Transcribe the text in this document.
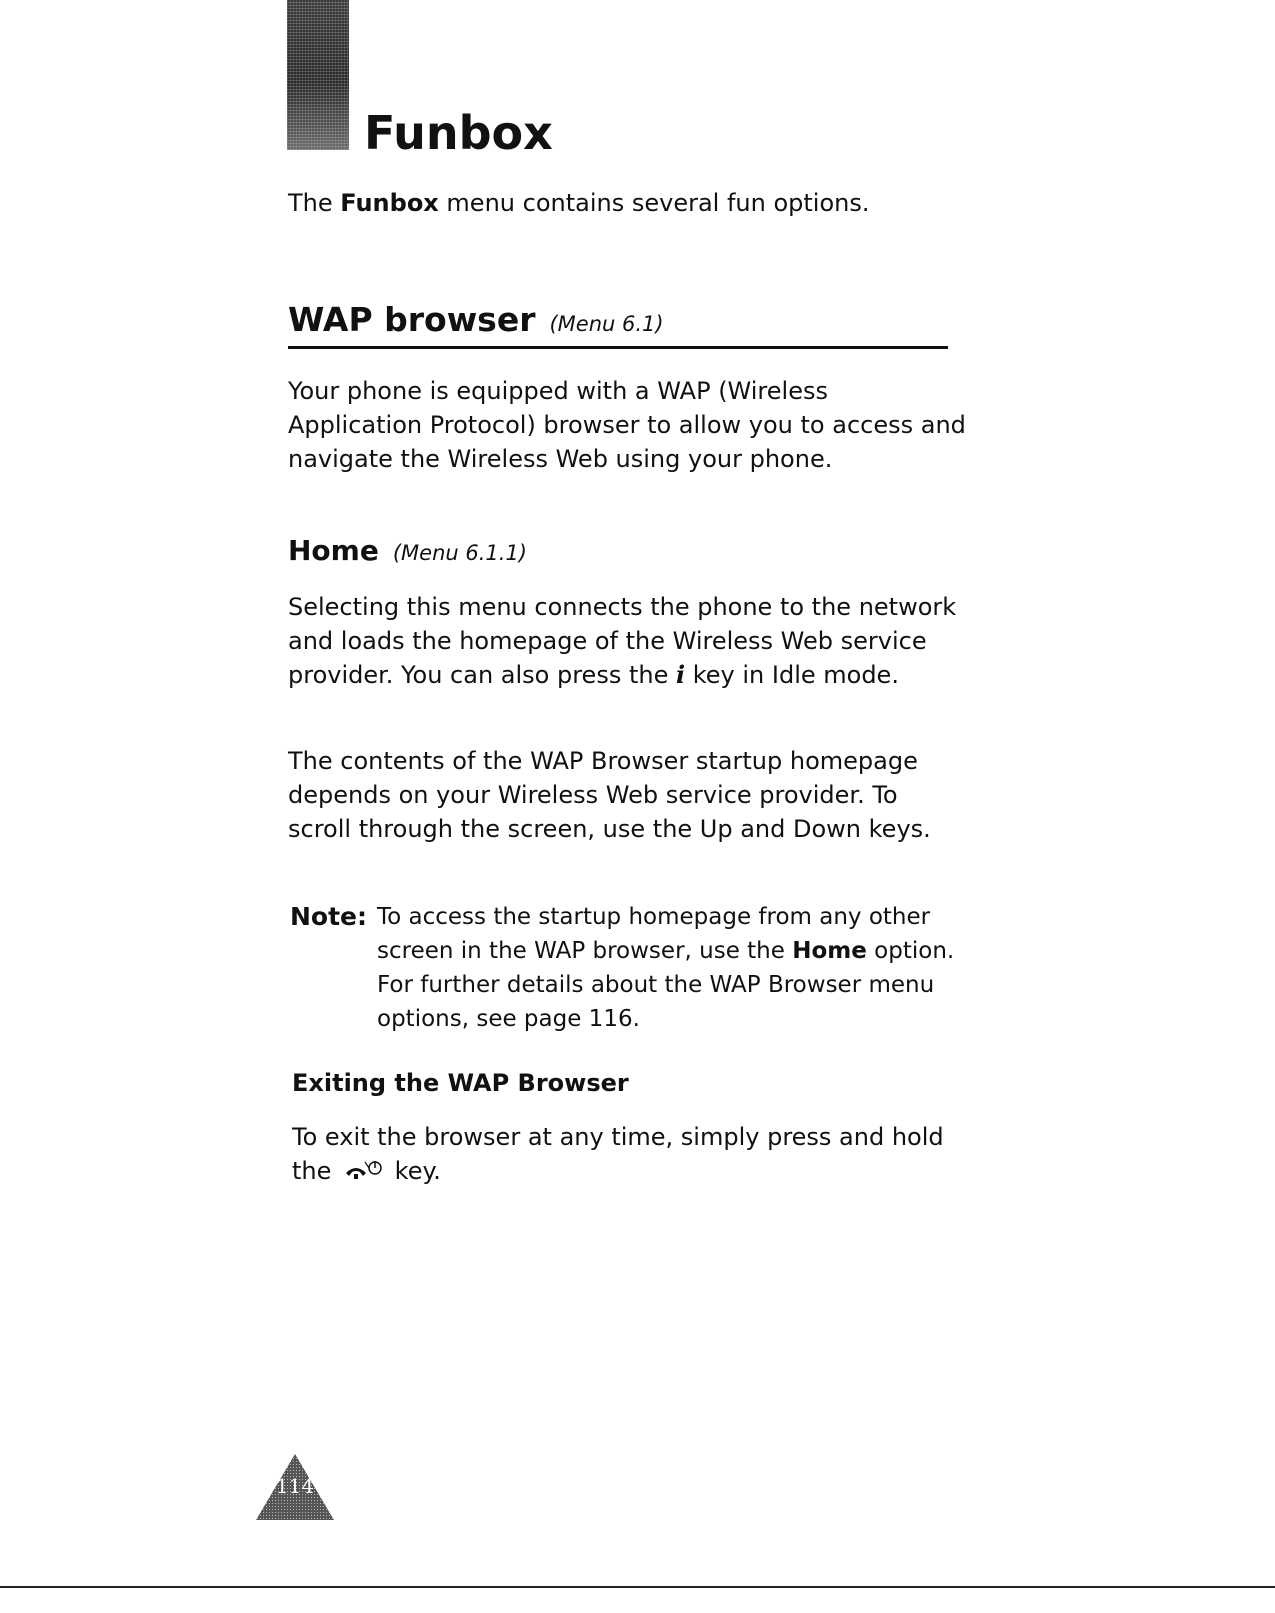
Funbox

The Funbox menu contains several fun options.

WAP browser (Menu 6.1)

Your phone is equipped with a WAP (Wireless Application Protocol) browser to allow you to access and navigate the Wireless Web using your phone.

Home (Menu 6.1.1)

Selecting this menu connects the phone to the network and loads the homepage of the Wireless Web service provider. You can also press the i key in Idle mode.

The contents of the WAP Browser startup homepage depends on your Wireless Web service provider. To scroll through the screen, use the Up and Down keys.

Note: To access the startup homepage from any other screen in the WAP browser, use the Home option. For further details about the WAP Browser menu options, see page 116.
Exiting the WAP Browser

To exit the browser at any time, simply press and hold the  key.

114
